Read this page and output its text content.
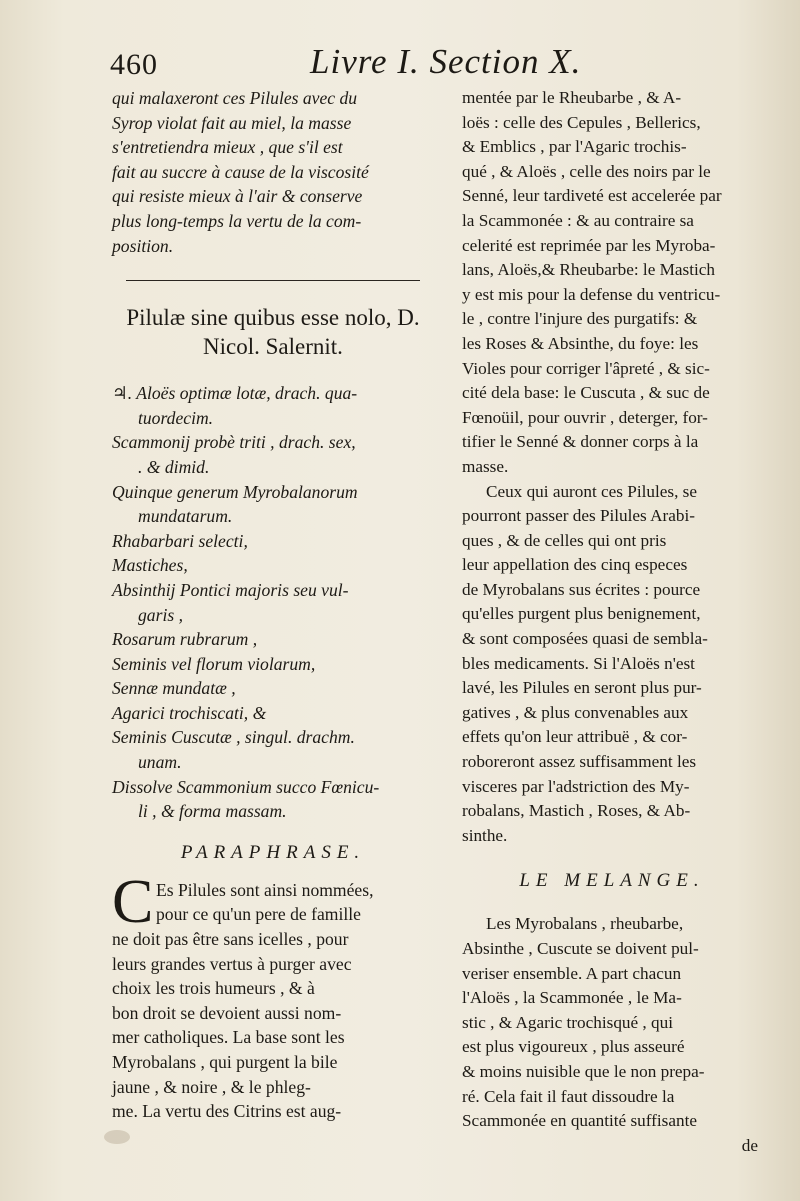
460	Livre I. Section X.
qui malaxeront ces Pilules avec du
Syrop violat fait au miel, la masse
s'entretiendra mieux , que s'il est
fait au succre à cause de la viscosité
qui resiste mieux à l'air & conserve
plus long-temps la vertu de la com-
position.
Pilulæ sine quibus esse nolo, D.
Nicol. Salernit.
♃. Aloës optimæ lotæ, drach. qua-
tuordecim.
Scammonij probè triti , drach. sex,
. & dimid.
Quinque generum Myrobalanorum
mundatarum.
Rhabarbari selecti,
Mastiches,
Absinthij Pontici majoris seu vul-
garis ,
Rosarum rubrarum ,
Seminis vel florum violarum,
Sennæ mundatæ ,
Agarici trochiscati, &
Seminis Cuscutæ , singul. drachm.
unam.
Dissolve Scammonium succo Fœnicu-
li , & forma massam.
PARAPHRASE.
C Es Pilules sont ainsi nommées,
pour ce qu'un pere de famille
ne doit pas être sans icelles , pour
leurs grandes vertus à purger avec
choix les trois humeurs , & à
bon droit se devoient aussi nom-
mer catholiques. La base sont les
Myrobalans , qui purgent la bile
jaune , & noire , & le phleg-
me. La vertu des Citrins est aug-
mentée par le Rheubarbe , & A-
loës : celle des Cepules , Bellerics,
& Emblics , par l'Agaric trochis-
qué , & Aloës , celle des noirs par le
Senné, leur tardiveté est accelerée par
la Scammonée : & au contraire sa
celerité est reprimée par les Myroba-
lans, Aloës,& Rheubarbe: le Mastich
y est mis pour la defense du ventricu-
le , contre l'injure des purgatifs: &
les Roses & Absinthe, du foye: les
Violes pour corriger l'âpreté , & sic-
cité dela base: le Cuscuta , & suc de
Fœnoüil, pour ouvrir , deterger, for-
tifier le Senné & donner corps à la
masse.
Ceux qui auront ces Pilules, se
pourront passer des Pilules Arabi-
ques , & de celles qui ont pris
leur appellation des cinq especes
de Myrobalans sus écrites : pource
qu'elles purgent plus benignement,
& sont composées quasi de sembla-
bles medicaments. Si l'Aloës n'est
lavé, les Pilules en seront plus pur-
gatives , & plus convenables aux
effets qu'on leur attribuë , & cor-
roboreront assez suffisamment les
visceres par l'adstriction des My-
robalans, Mastich , Roses, & Ab-
sinthe.
LE MELANGE.
Les Myrobalans , rheubarbe,
Absinthe , Cuscute se doivent pul-
veriser ensemble. A part chacun
l'Aloës , la Scammonée , le Ma-
stic , & Agaric trochisqué , qui
est plus vigoureux , plus asseuré
& moins nuisible que le non prepa-
ré. Cela fait il faut dissoudre la
Scammonée en quantité suffisante
de
